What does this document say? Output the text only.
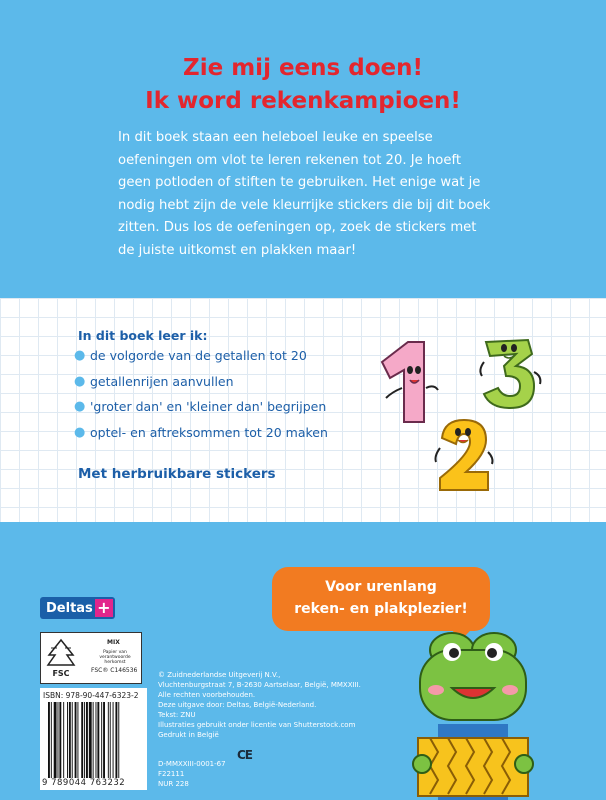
Zie mij eens doen!
Ik word rekenkampioen!
In dit boek staan een heleboel leuke en speelse
oefeningen om vlot te leren rekenen tot 20. Je hoeft
geen potloden of stiften te gebruiken. Het enige wat je
nodig hebt zijn de vele kleurrijke stickers die bij dit boek
zitten. Dus los de oefeningen op, zoek de stickers met
de juiste uitkomst en plakken maar!
In dit boek leer ik:
● de volgorde van de getallen tot 20
● getallenrijen aanvullen
● 'groter dan' en 'kleiner dan' begrijpen
● optel- en aftreksommen tot 20 maken
Met herbruikbare stickers
1
3
2
Voor urenlang
reken- en plakplezier!
Deltas +
FSC
MIX
Papier van verantwoorde herkomst
FSC® C146536
ISBN: 978-90-447-6323-2
9 789044 763232
© Zuidnederlandse Uitgeverij N.V.,
Vluchtenburgstraat 7, B-2630 Aartselaar, België, MMXXIII.
Alle rechten voorbehouden.
Deze uitgave door: Deltas, België-Nederland.
Tekst: ZNU
Illustraties gebruikt onder licentie van Shutterstock.com
Gedrukt in België
CE
D-MMXXIII-0001-67
F22111
NUR 228
